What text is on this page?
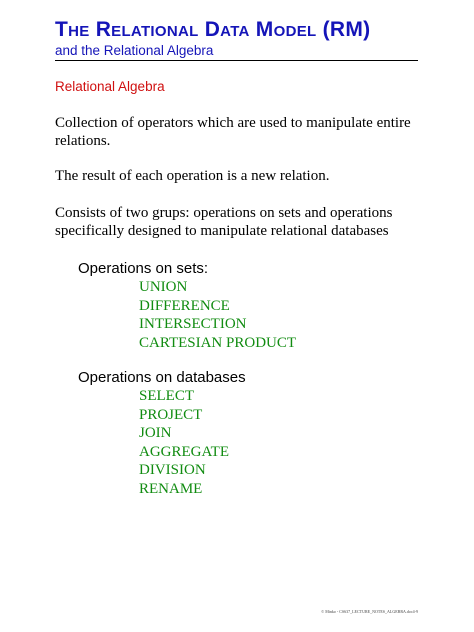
The Relational Data Model (RM)
and the Relational Algebra
Relational Algebra

Collection of operators which are used to manipulate entire relations.

The result of each operation is a new relation.

Consists of two grups: operations on sets and operations specifically designed to manipulate relational databases

Operations on sets:
UNION
DIFFERENCE
INTERSECTION
CARTESIAN PRODUCT
Operations on databases
SELECT
PROJECT
JOIN
AGGREGATE
DIVISION
RENAME
© Minko - CS637_LECTURE_NOTES_ALGEBRA.doc4-9
